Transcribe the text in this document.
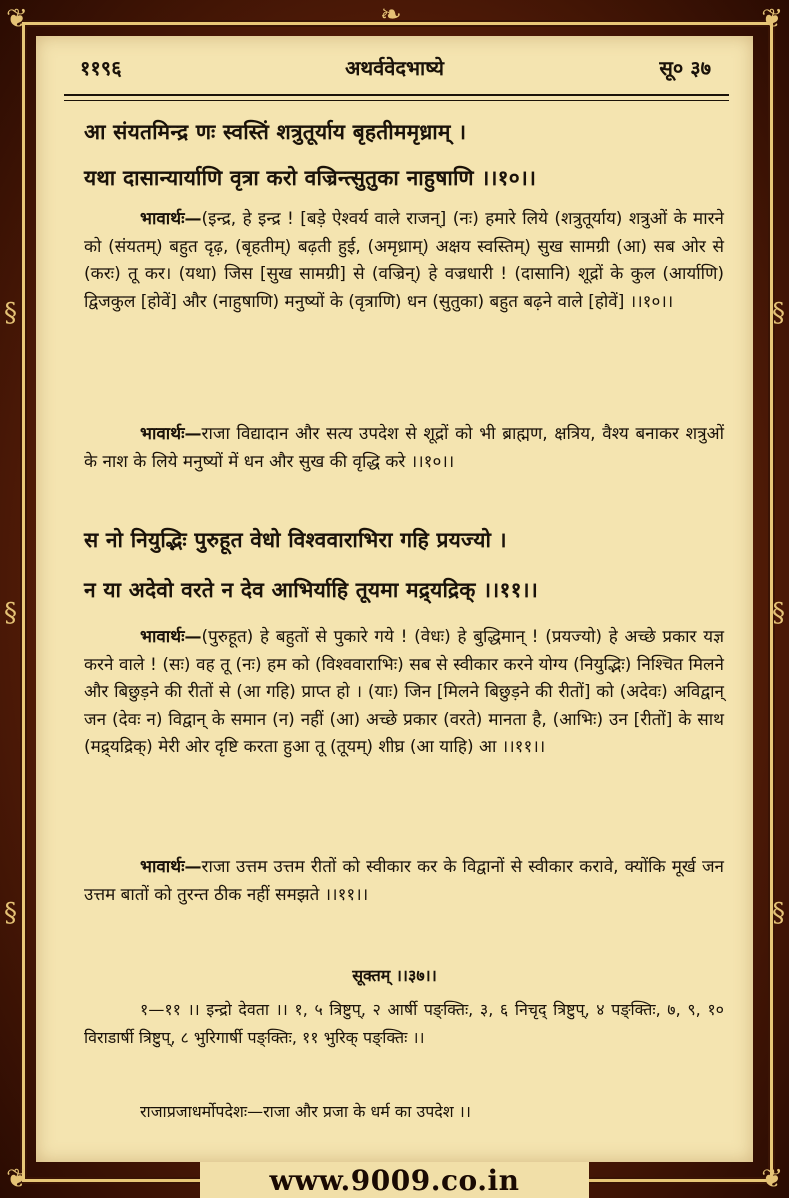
❦	❦
❦	❦
§
§
§
§
§
§
❧
११९६	अथर्ववेदभाष्ये	सू० ३७
आ संयतमिन्द्र णः स्वस्तिं शत्रुतूर्याय बृहतीममृध्राम् ।
यथा दासान्यार्याणि वृत्रा करो वज्रिन्त्सुतुका नाहुषाणि ।।१०।।
भावार्थः—(इन्द्र, हे इन्द्र ! [बड़े ऐश्वर्य वाले राजन्] (नः) हमारे लिये (शत्रुतूर्याय) शत्रुओं के मारने को (संयतम्) बहुत दृढ़, (बृहतीम्) बढ़ती हुई, (अमृध्राम्) अक्षय स्वस्तिम्) सुख सामग्री (आ) सब ओर से (करः) तू कर। (यथा) जिस [सुख सामग्री] से (वज्रिन्) हे वज्रधारी ! (दासानि) शूद्रों के कुल (आर्याणि) द्विजकुल [होवें] और (नाहुषाणि) मनुष्यों के (वृत्राणि) धन (सुतुका) बहुत बढ़ने वाले [होवें] ।।१०।।
भावार्थः—राजा विद्यादान और सत्य उपदेश से शूद्रों को भी ब्राह्मण, क्षत्रिय, वैश्य बनाकर शत्रुओं के नाश के लिये मनुष्यों में धन और सुख की वृद्धि करे ।।१०।।
स नो नियुद्भिः पुरुहूत वेधो विश्ववाराभिरा गहि प्रयज्यो ।
न या अदेवो वरते न देव आभिर्याहि तूयमा मद्र्यद्रिक् ।।११।।
भावार्थः—(पुरुहूत) हे बहुतों से पुकारे गये ! (वेधः) हे बुद्धिमान् ! (प्रयज्यो) हे अच्छे प्रकार यज्ञ करने वाले ! (सः) वह तू (नः) हम को (विश्ववाराभिः) सब से स्वीकार करने योग्य (नियुद्भिः) निश्चित मिलने और बिछुड़ने की रीतों से (आ गहि) प्राप्त हो । (याः) जिन [मिलने बिछुड़ने की रीतों] को (अदेवः) अविद्वान् जन (देवः न) विद्वान् के समान (न) नहीं (आ) अच्छे प्रकार (वरते) मानता है, (आभिः) उन [रीतों] के साथ (मद्र्यद्रिक्) मेरी ओर दृष्टि करता हुआ तू (तूयम्) शीघ्र (आ याहि) आ ।।११।।
भावार्थः—राजा उत्तम उत्तम रीतों को स्वीकार कर के विद्वानों से स्वीकार करावे, क्योंकि मूर्ख जन उत्तम बातों को तुरन्त ठीक नहीं समझते ।।११।।
सूक्तम् ।।३७।।
१—११ ।। इन्द्रो देवता ।। १, ५ त्रिष्टुप्, २ आर्षी पङ्क्तिः, ३, ६ निचृद् त्रिष्टुप्, ४ पङ्क्तिः, ७, ९, १० विराडार्षी त्रिष्टुप्, ८ भुरिगार्षी पङ्क्तिः, ११ भुरिक् पङ्क्तिः ।।
राजाप्रजाधर्मोपदेशः—राजा और प्रजा के धर्म का उपदेश ।।
www.9009.co.in
